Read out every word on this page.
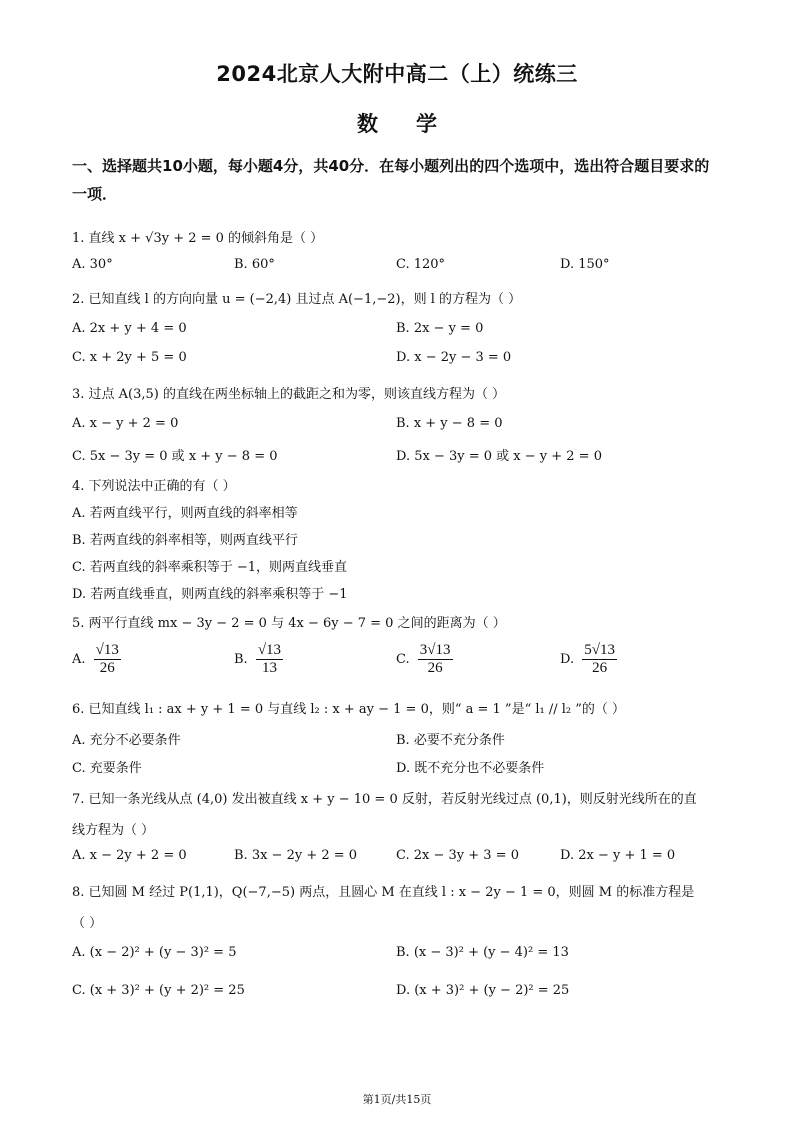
2024北京人大附中高二（上）统练三
数学
一、选择题共10小题，每小题4分，共40分．在每小题列出的四个选项中，选出符合题目要求的一项．
1. 直线 x + √3y + 2 = 0 的倾斜角是（ ）
A. 30°	B. 60°	C. 120°	D. 150°
2. 已知直线 l 的方向向量 u = (−2,4) 且过点 A(−1,−2)，则 l 的方程为（ ）
A. 2x + y + 4 = 0	B. 2x − y = 0
C. x + 2y + 5 = 0	D. x − 2y − 3 = 0
3. 过点 A(3,5) 的直线在两坐标轴上的截距之和为零，则该直线方程为（ ）
A. x − y + 2 = 0	B. x + y − 8 = 0
C. 5x − 3y = 0 或 x + y − 8 = 0	D. 5x − 3y = 0 或 x − y + 2 = 0
4. 下列说法中正确的有（ ）
A. 若两直线平行，则两直线的斜率相等
B. 若两直线的斜率相等，则两直线平行
C. 若两直线的斜率乘积等于 −1，则两直线垂直
D. 若两直线垂直，则两直线的斜率乘积等于 −1
5. 两平行直线 mx − 3y − 2 = 0 与 4x − 6y − 7 = 0 之间的距离为（ ）
A. $\frac{√13}{26}$	B. $\frac{√13}{13}$	C. $\frac{3√13}{26}$	D. $\frac{5√13}{26}$
6. 已知直线 l₁ : ax + y + 1 = 0 与直线 l₂ : x + ay − 1 = 0，则“ a = 1 ”是“ l₁ // l₂ ”的（ ）
A. 充分不必要条件	B. 必要不充分条件
C. 充要条件	D. 既不充分也不必要条件
7. 已知一条光线从点 (4,0) 发出被直线 x + y − 10 = 0 反射，若反射光线过点 (0,1)，则反射光线所在的直
线方程为（ ）
A. x − 2y + 2 = 0	B. 3x − 2y + 2 = 0	C. 2x − 3y + 3 = 0	D. 2x − y + 1 = 0
8. 已知圆 M 经过 P(1,1)，Q(−7,−5) 两点，且圆心 M 在直线 l : x − 2y − 1 = 0，则圆 M 的标准方程是
（ ）
A. (x − 2)² + (y − 3)² = 5	B. (x − 3)² + (y − 4)² = 13
C. (x + 3)² + (y + 2)² = 25	D. (x + 3)² + (y − 2)² = 25
第1页/共15页
